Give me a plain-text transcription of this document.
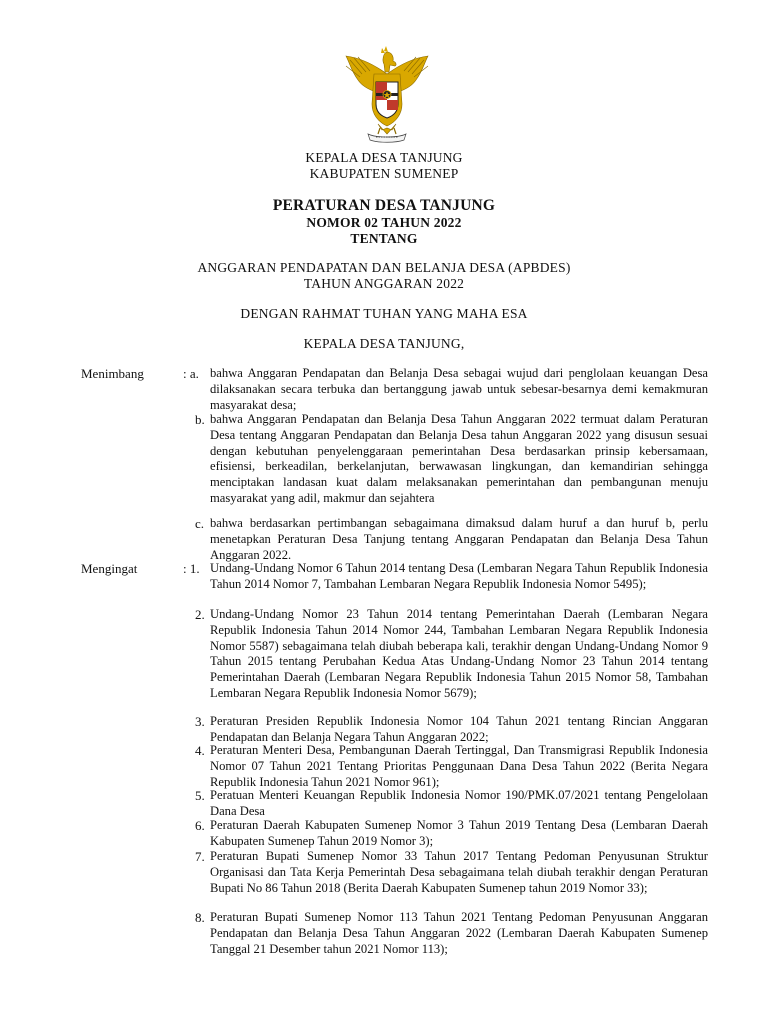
KEPALA DESA TANJUNG
KABUPATEN SUMENEP
PERATURAN DESA TANJUNG
NOMOR 02 TAHUN 2022
TENTANG
ANGGARAN PENDAPATAN DAN BELANJA DESA (APBDES)
TAHUN ANGGARAN 2022
DENGAN RAHMAT TUHAN YANG MAHA ESA
KEPALA DESA TANJUNG,
Menimbang	: a. bahwa Anggaran Pendapatan dan Belanja Desa sebagai wujud dari penglolaan keuangan Desa dilaksanakan secara terbuka dan bertanggung jawab untuk sebesar-besarnya demi kemakmuran masyarakat desa;
b. bahwa Anggaran Pendapatan dan Belanja Desa Tahun Anggaran 2022 termuat dalam Peraturan Desa tentang Anggaran Pendapatan dan Belanja Desa tahun Anggaran 2022 yang disusun sesuai dengan kebutuhan penyelenggaraan pemerintahan Desa berdasarkan prinsip kebersamaan, efisiensi, berkeadilan, berkelanjutan, berwawasan lingkungan, dan kemandirian sehingga menciptakan landasan kuat dalam melaksanakan pemerintahan dan pembangunan menuju masyarakat yang adil, makmur dan sejahtera
c. bahwa berdasarkan pertimbangan sebagaimana dimaksud dalam huruf a dan huruf b, perlu menetapkan Peraturan Desa Tanjung tentang Anggaran Pendapatan dan Belanja Desa Tahun Anggaran 2022.
Mengingat	: 1. Undang-Undang Nomor 6 Tahun 2014 tentang Desa (Lembaran Negara Tahun Republik Indonesia Tahun 2014 Nomor 7, Tambahan Lembaran Negara Republik Indonesia Nomor 5495);
2. Undang-Undang Nomor 23 Tahun 2014 tentang Pemerintahan Daerah (Lembaran Negara Republik Indonesia Tahun 2014 Nomor 244, Tambahan Lembaran Negara Republik Indonesia Nomor 5587) sebagaimana telah diubah beberapa kali, terakhir dengan Undang-Undang Nomor 9 Tahun 2015 tentang Perubahan Kedua Atas Undang-Undang Nomor 23 Tahun 2014 tentang Pemerintahan Daerah (Lembaran Negara Republik Indonesia Tahun 2015 Nomor 58, Tambahan Lembaran Negara Republik Indonesia Nomor 5679);
3. Peraturan Presiden Republik Indonesia Nomor 104 Tahun 2021 tentang Rincian Anggaran Pendapatan dan Belanja Negara Tahun Anggaran 2022;
4. Peraturan Menteri Desa, Pembangunan Daerah Tertinggal, Dan Transmigrasi Republik Indonesia Nomor 07 Tahun 2021 Tentang Prioritas Penggunaan Dana Desa Tahun 2022 (Berita Negara Republik Indonesia Tahun 2021 Nomor 961);
5. Peratuan Menteri Keuangan Republik Indonesia Nomor 190/PMK.07/2021 tentang Pengelolaan Dana Desa
6. Peraturan Daerah Kabupaten Sumenep Nomor 3 Tahun 2019 Tentang Desa (Lembaran Daerah Kabupaten Sumenep Tahun 2019 Nomor 3);
7. Peraturan Bupati Sumenep Nomor 33 Tahun 2017 Tentang Pedoman Penyusunan Struktur Organisasi dan Tata Kerja Pemerintah Desa sebagaimana telah diubah terakhir dengan Peraturan Bupati No 86 Tahun 2018 (Berita Daerah Kabupaten Sumenep tahun 2019 Nomor 33);
8. Peraturan Bupati Sumenep Nomor 113 Tahun 2021 Tentang Pedoman Penyusunan Anggaran Pendapatan dan Belanja Desa Tahun Anggaran 2022 (Lembaran Daerah Kabupaten Sumenep Tanggal 21 Desember tahun 2021 Nomor 113);
